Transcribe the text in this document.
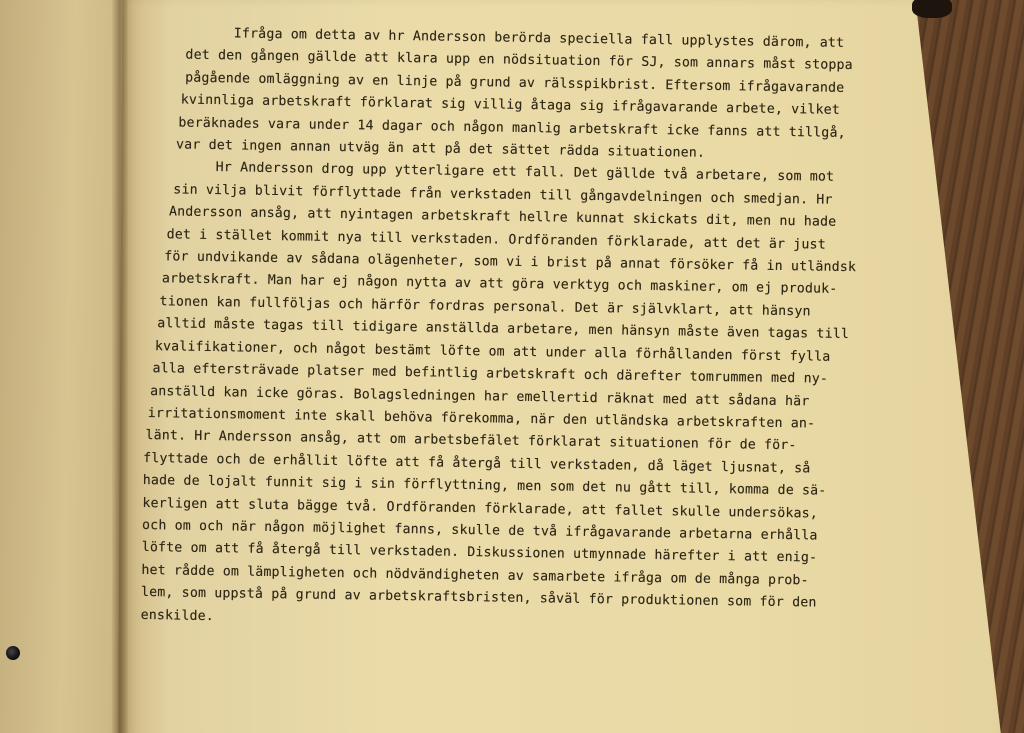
Ifråga om detta av hr Andersson berörda speciella fall upplystes därom, att
det den gången gällde att klara upp en nödsituation för SJ, som annars måst stoppa
pågående omläggning av en linje på grund av rälsspikbrist. Eftersom ifrågavarande
kvinnliga arbetskraft förklarat sig villig åtaga sig ifrågavarande arbete, vilket
beräknades vara under 14 dagar och någon manlig arbetskraft icke fanns att tillgå,
var det ingen annan utväg än att på det sättet rädda situationen.
Hr Andersson drog upp ytterligare ett fall. Det gällde två arbetare, som mot
sin vilja blivit förflyttade från verkstaden till gångavdelningen och smedjan. Hr
Andersson ansåg, att nyintagen arbetskraft hellre kunnat skickats dit, men nu hade
det i stället kommit nya till verkstaden. Ordföranden förklarade, att det är just
för undvikande av sådana olägenheter, som vi i brist på annat försöker få in utländsk
arbetskraft. Man har ej någon nytta av att göra verktyg och maskiner, om ej produk-
tionen kan fullföljas och härför fordras personal. Det är självklart, att hänsyn
alltid måste tagas till tidigare anställda arbetare, men hänsyn måste även tagas till
kvalifikationer, och något bestämt löfte om att under alla förhållanden först fylla
alla eftersträvade platser med befintlig arbetskraft och därefter tomrummen med ny-
anställd kan icke göras. Bolagsledningen har emellertid räknat med att sådana här
irritationsmoment inte skall behöva förekomma, när den utländska arbetskraften an-
länt. Hr Andersson ansåg, att om arbetsbefälet förklarat situationen för de för-
flyttade och de erhållit löfte att få återgå till verkstaden, då läget ljusnat, så
hade de lojalt funnit sig i sin förflyttning, men som det nu gått till, komma de sä-
kerligen att sluta bägge två. Ordföranden förklarade, att fallet skulle undersökas,
och om och när någon möjlighet fanns, skulle de två ifrågavarande arbetarna erhålla
löfte om att få återgå till verkstaden. Diskussionen utmynnade härefter i att enig-
het rådde om lämpligheten och nödvändigheten av samarbete ifråga om de många prob-
lem, som uppstå på grund av arbetskraftsbristen, såväl för produktionen som för den
enskilde.
